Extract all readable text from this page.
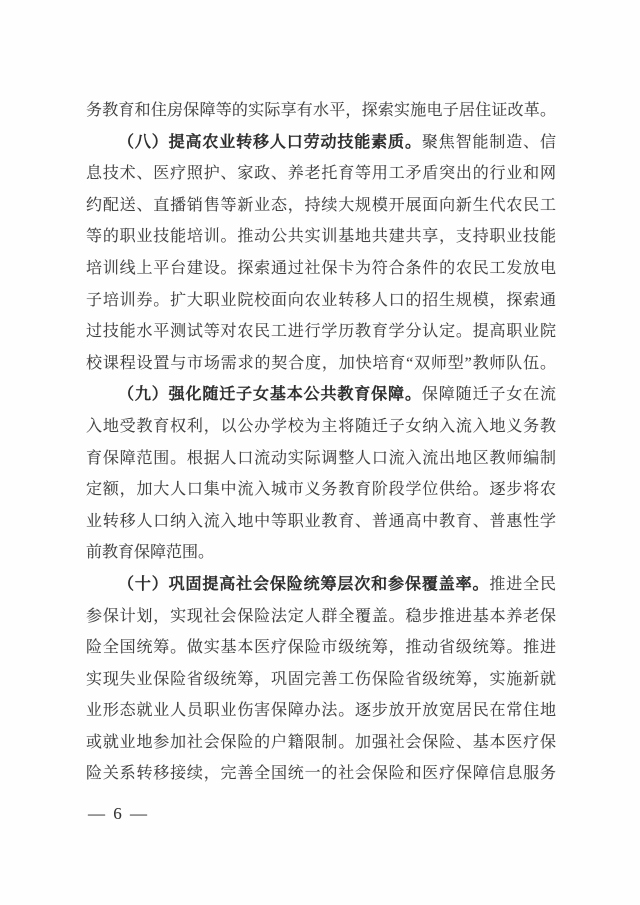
务教育和住房保障等的实际享有水平，探索实施电子居住证改革。
（八）提高农业转移人口劳动技能素质。聚焦智能制造、信
息技术、医疗照护、家政、养老托育等用工矛盾突出的行业和网
约配送、直播销售等新业态，持续大规模开展面向新生代农民工
等的职业技能培训。推动公共实训基地共建共享，支持职业技能
培训线上平台建设。探索通过社保卡为符合条件的农民工发放电
子培训券。扩大职业院校面向农业转移人口的招生规模，探索通
过技能水平测试等对农民工进行学历教育学分认定。提高职业院
校课程设置与市场需求的契合度，加快培育“双师型”教师队伍。
（九）强化随迁子女基本公共教育保障。保障随迁子女在流
入地受教育权利，以公办学校为主将随迁子女纳入流入地义务教
育保障范围。根据人口流动实际调整人口流入流出地区教师编制
定额，加大人口集中流入城市义务教育阶段学位供给。逐步将农
业转移人口纳入流入地中等职业教育、普通高中教育、普惠性学
前教育保障范围。
（十）巩固提高社会保险统筹层次和参保覆盖率。推进全民
参保计划，实现社会保险法定人群全覆盖。稳步推进基本养老保
险全国统筹。做实基本医疗保险市级统筹，推动省级统筹。推进
实现失业保险省级统筹，巩固完善工伤保险省级统筹，实施新就
业形态就业人员职业伤害保障办法。逐步放开放宽居民在常住地
或就业地参加社会保险的户籍限制。加强社会保险、基本医疗保
险关系转移接续，完善全国统一的社会保险和医疗保障信息服务
— 6 —
